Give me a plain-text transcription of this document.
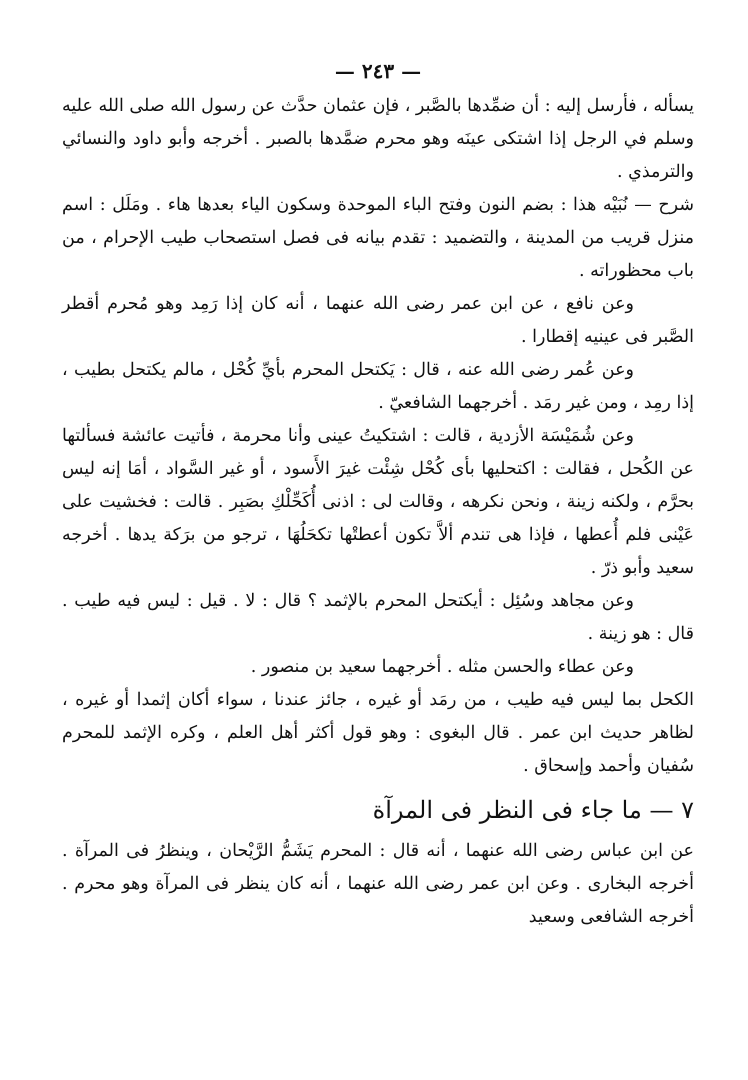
— ٢٤٣ —

يسأله ، فأرسل إليه : أن ضمِّدها بالصَّبر ، فإن عثمان حدَّث عن رسول الله صلى الله عليه وسلم في الرجل إذا اشتكى عينَه وهو محرم ضمَّدها بالصبر . أخرجه وأبو داود والنسائي والترمذي .

شرح — نُبَيْه هذا : بضم النون وفتح الباء الموحدة وسكون الياء بعدها هاء . ومَلَل : اسم منزل قريب من المدينة ، والتضميد : تقدم بيانه فى فصل استصحاب طيب الإحرام ، من باب محظوراته .

وعن نافع ، عن ابن عمر رضى الله عنهما ، أنه كان إذا رَمِد وهو مُحرم أقطر الصَّبر فى عينيه إقطارا .

وعن عُمر رضى الله عنه ، قال : يَكتحل المحرم بأيِّ كُحْل ، مالم يكتحل بطيب ، إذا رمِد ، ومن غير رمَد . أخرجهما الشافعيّ .

وعن شُمَيْسَة الأزدية ، قالت : اشتكيتُ عينى وأنا محرمة ، فأتيت عائشة فسألتها عن الكُحل ، فقالت : اكتحليها بأى كُحْل شِئْت غيرَ الأَسود ، أو غير السَّواد ، أمَا إنه ليس بحرَّم ، ولكنه زينة ، ونحن نكرهه ، وقالت لى : اذنى أُكَحِّلْكِ بصَبِر . قالت : فخشيت على عَيْنى فلم أُعطها ، فإذا هى تندم ألاَّ تكون أعطتْها تكحَلُهَا ، ترجو من برَكة يدها . أخرجه سعيد وأبو ذرّ .

وعن مجاهد وسُئِل : أيكتحل المحرم بالإثمد ؟ قال : لا . قيل : ليس فيه طيب . قال : هو زينة .

وعن عطاء والحسن مثله . أخرجهما سعيد بن منصور .

الكحل بما ليس فيه طيب ، من رمَد أو غيره ، جائز عندنا ، سواء أكان إثمدا أو غيره ، لظاهر حديث ابن عمر . قال البغوى : وهو قول أكثر أهل العلم ، وكره الإثمد للمحرم سُفيان وأحمد وإسحاق .

٧ — ما جاء فى النظر فى المرآة

عن ابن عباس رضى الله عنهما ، أنه قال : المحرم يَشَمُّ الرَّيْحان ، وينظرُ فى المرآة . أخرجه البخارى . وعن ابن عمر رضى الله عنهما ، أنه كان ينظر فى المرآة وهو محرم . أخرجه الشافعى وسعيد
